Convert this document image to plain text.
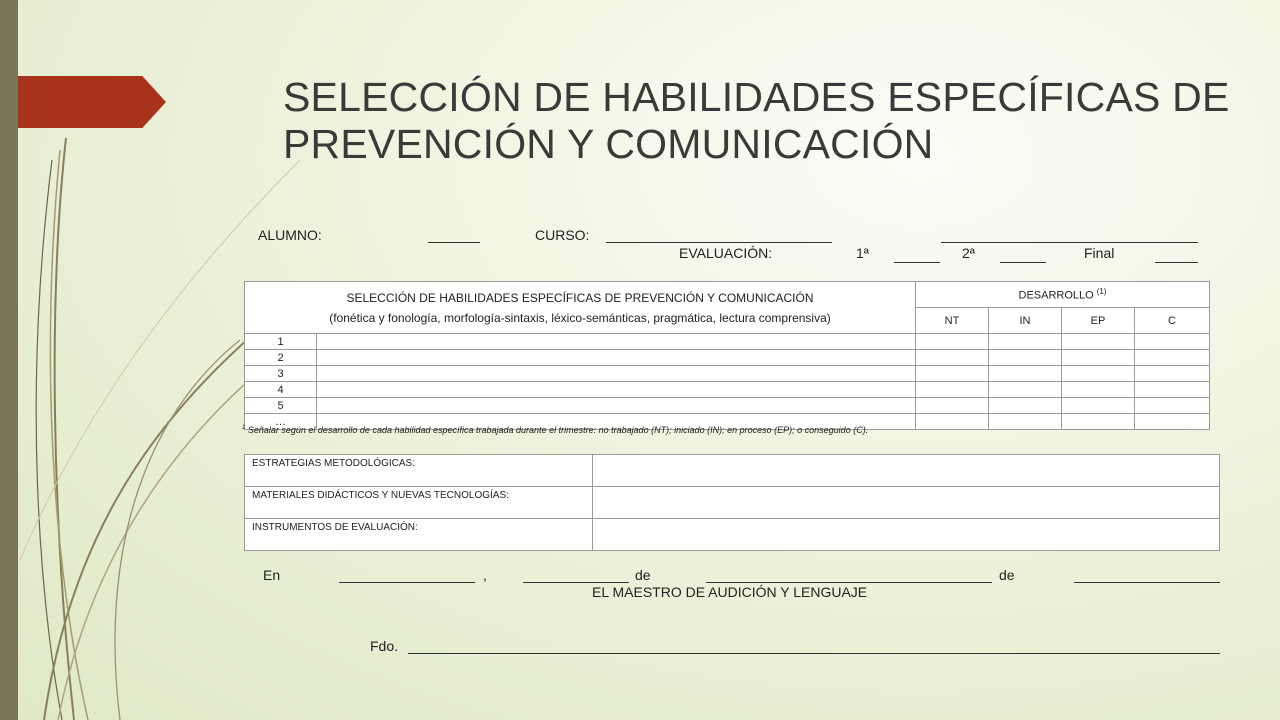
SELECCIÓN DE HABILIDADES ESPECÍFICAS DE PREVENCIÓN Y COMUNICACIÓN
ALUMNO:	CURSO:
EVALUACIÓN:	1ª	2ª	Final
SELECCIÓN DE HABILIDADES ESPECÍFICAS DE PREVENCIÓN Y COMUNICACIÓN
(fonética y fonología, morfología-sintaxis, léxico-semánticas, pragmática, lectura comprensiva)		DESARROLLO $^{(1)}$
		NT	IN	EP	C
1					
2					
3					
4					
5					
…					
$^1$ Señalar según el desarrollo de cada habilidad específica trabajada durante el trimestre: no trabajado (NT); iniciado (IN); en proceso (EP); o conseguido (C).
ESTRATEGIAS METODOLÓGICAS:	
MATERIALES DIDÁCTICOS Y NUEVAS TECNOLOGÍAS:	
INSTRUMENTOS DE EVALUACIÓN:	
En	,	de	de
EL MAESTRO DE AUDICIÓN Y LENGUAJE
Fdo.
